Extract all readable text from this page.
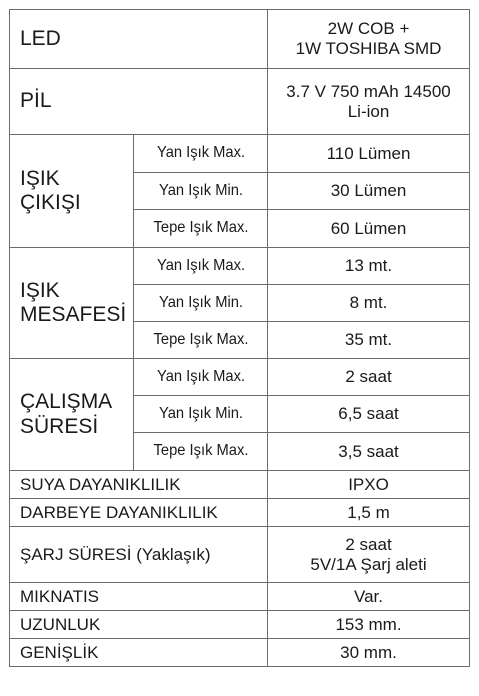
LED		2W COB +
1W TOSHIBA SMD

PİL		3.7 V 750 mAh 14500
Li-ion

IŞIK
ÇIKIŞI	Yan Işık Max.	110 Lümen
	Yan Işık Min.	30 Lümen
	Tepe Işık Max.	60 Lümen

IŞIK
MESAFESİ	Yan Işık Max.	13 mt.
	Yan Işık Min.	8 mt.
	Tepe Işık Max.	35 mt.

ÇALIŞMA
SÜRESİ	Yan Işık Max.	2 saat
	Yan Işık Min.	6,5 saat
	Tepe Işık Max.	3,5 saat
SUYA DAYANIKLILIK		IPXO
DARBEYE DAYANIKLILIK		1,5 m
ŞARJ SÜRESİ (Yaklaşık)		2 saat
5V/1A Şarj aleti

MIKNATIS		Var.
UZUNLUK		153 mm.
GENİŞLİK		30 mm.
